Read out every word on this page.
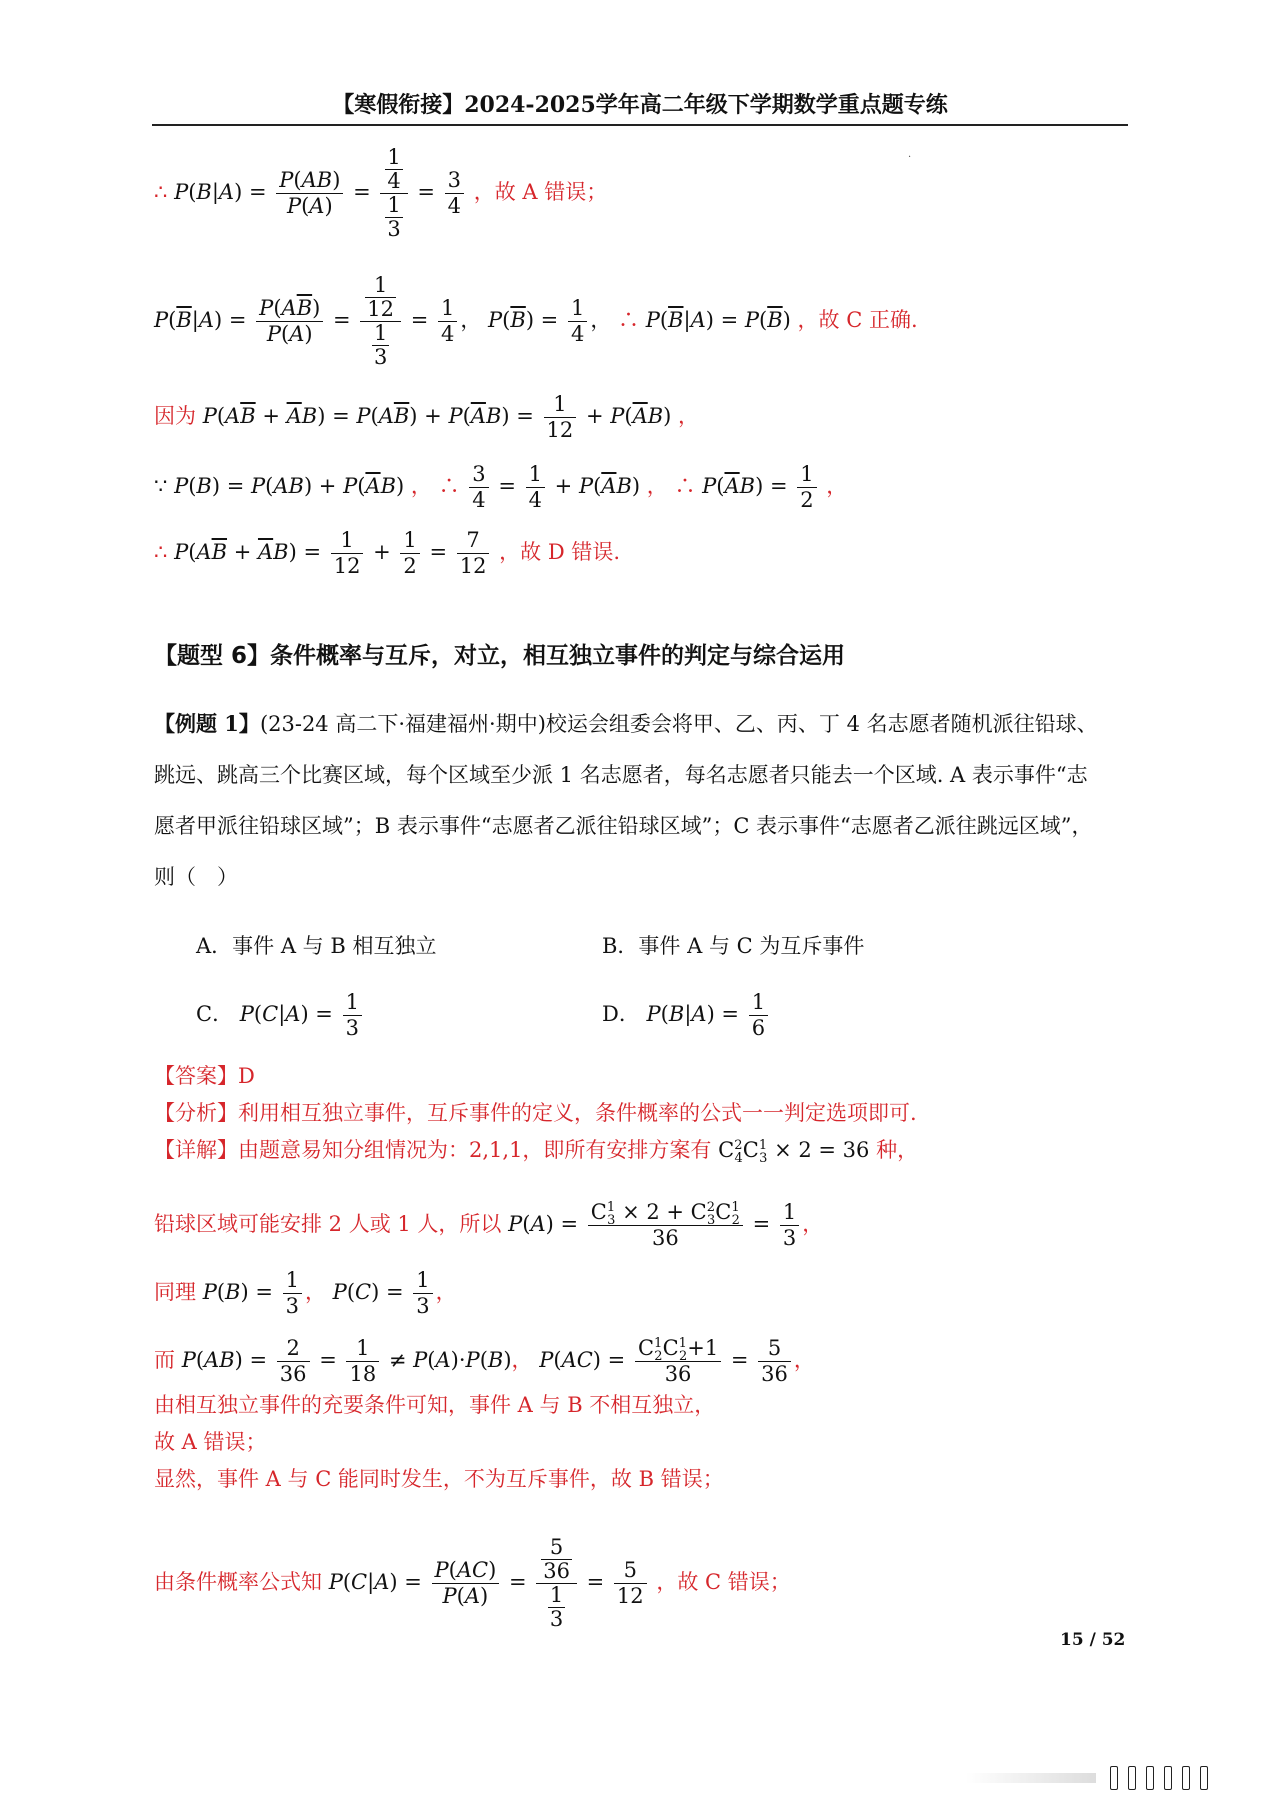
【寒假衔接】2024-2025学年高二年级下学期数学重点题专练
·
∴ $P(B|A) = \frac{P(AB)}{P(A)} = \frac{\frac{1}{4}}{\frac{1}{3}} = \frac{3}{4}$ ，故 A 错误；
$P(\overline{B}|A) = \frac{P(A\overline{B})}{P(A)} = \frac{\frac{1}{12}}{\frac{1}{3}} = \frac{1}{4}$ ， $P(\overline{B}) = \frac{1}{4}$ ， ∴ $P(\overline{B}|A) = P(\overline{B})$ ，故 C 正确.
因为 $P(A\overline{B} + \overline{A}B) = P(A\overline{B}) + P(\overline{A}B) = \frac{1}{12} + P(\overline{A}B)$ ，
∵ $P(B) = P(AB) + P(\overline{A}B)$ ， ∴ $\frac{3}{4} = \frac{1}{4} + P(\overline{A}B)$ ， ∴ $P(\overline{A}B) = \frac{1}{2}$ ，
∴ $P(A\overline{B} + \overline{A}B) = \frac{1}{12} + \frac{1}{2} = \frac{7}{12}$ ，故 D 错误.
【题型 6】条件概率与互斥，对立，相互独立事件的判定与综合运用
【例题 1】(23-24 高二下·福建福州·期中)校运会组委会将甲、乙、丙、丁 4 名志愿者随机派往铅球、
跳远、跳高三个比赛区域，每个区域至少派 1 名志愿者，每名志愿者只能去一个区域. A 表示事件“志
愿者甲派往铅球区域”；B 表示事件“志愿者乙派往铅球区域”；C 表示事件“志愿者乙派往跳远区域”，
则（　）
A．事件 A 与 B 相互独立	B．事件 A 与 C 为互斥事件
C． $P(C|A) = \frac{1}{3}$	D． $P(B|A) = \frac{1}{6}$
【答案】D
【分析】利用相互独立事件，互斥事件的定义，条件概率的公式一一判定选项即可.
【详解】由题意易知分组情况为：2,1,1，即所有安排方案有 $C^2_4C^1_3 \times 2 = 36$ 种，
铅球区域可能安排 2 人或 1 人，所以 $P(A) = \frac{C^1_3 \times 2 + C^2_3C^1_2}{36} = \frac{1}{3}$ ，
同理 $P(B) = \frac{1}{3}$ ， $P(C) = \frac{1}{3}$ ，
而 $P(AB) = \frac{2}{36} = \frac{1}{18} \ne P(A)\cdot P(B)$， $P(AC) = \frac{C^1_2C^1_2+1}{36} = \frac{5}{36}$ ，
由相互独立事件的充要条件可知，事件 A 与 B 不相互独立，
故 A 错误；
显然，事件 A 与 C 能同时发生，不为互斥事件，故 B 错误；
由条件概率公式知 $P(C|A) = \frac{P(AC)}{P(A)} = \frac{\frac{5}{36}}{\frac{1}{3}} = \frac{5}{12}$ ，故 C 错误；
15 / 52
